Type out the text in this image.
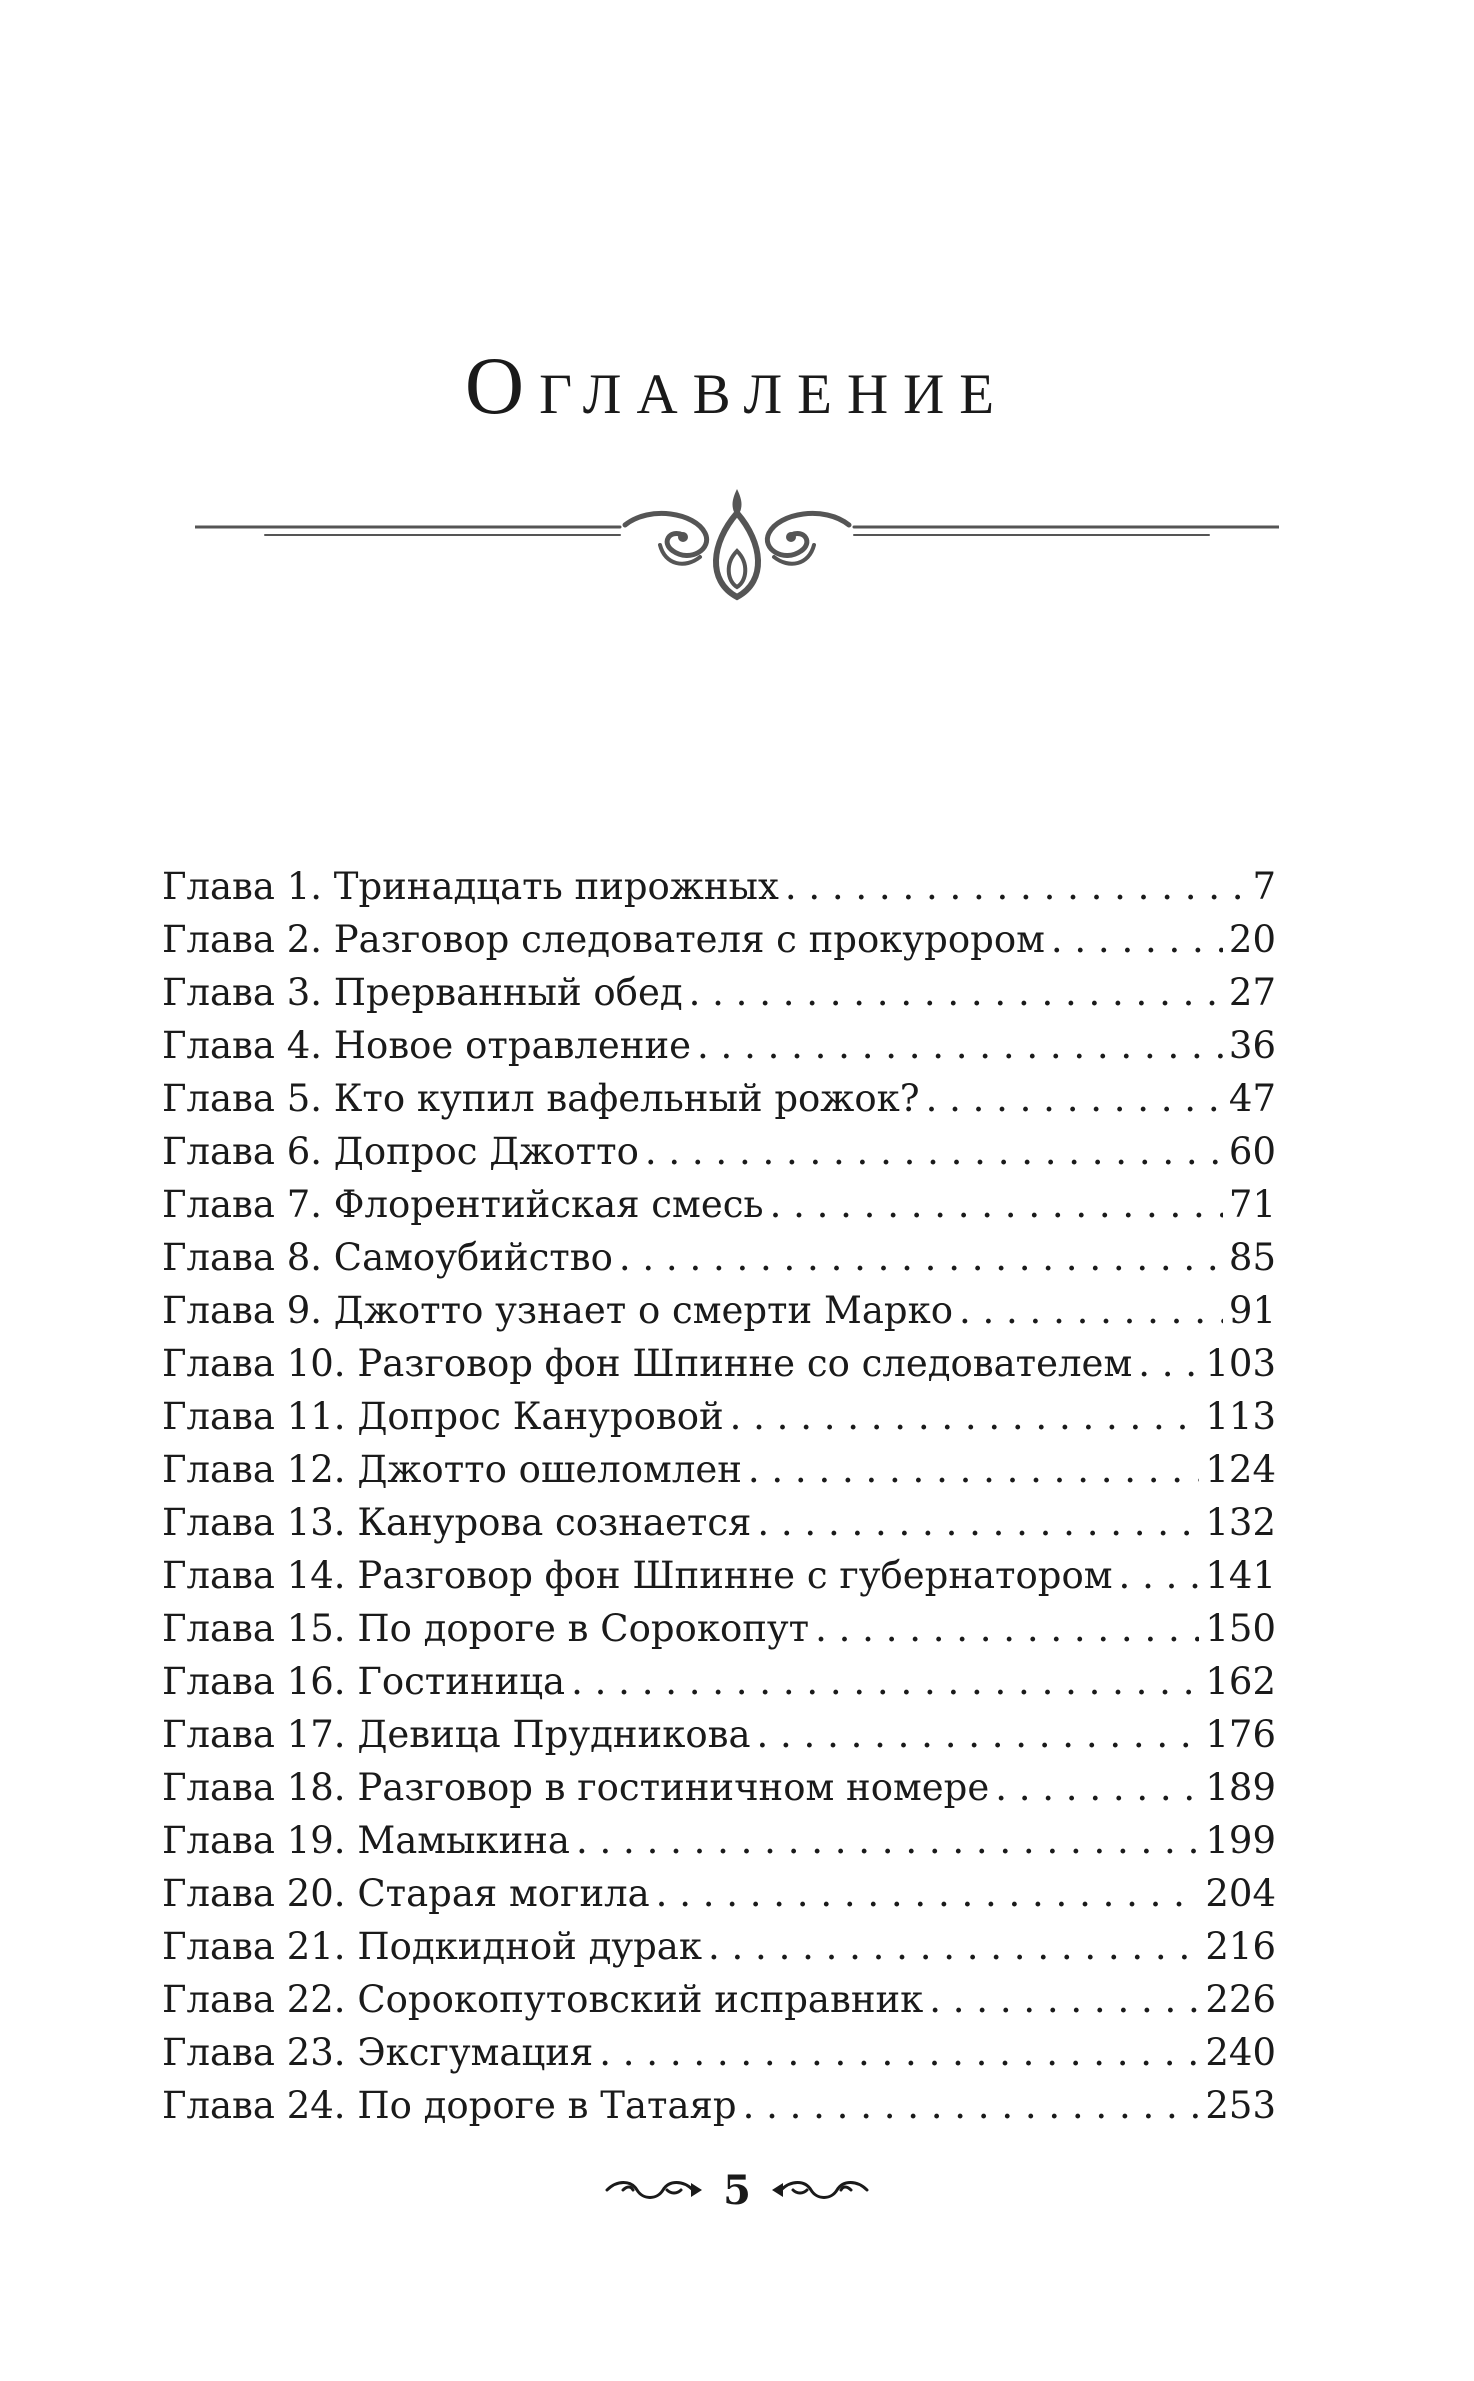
Оглавление
Глава 1. Тринадцать пирожных . . .	7
Глава 2. Разговор следователя с прокурором . . .	20
Глава 3. Прерванный обед . . .	27
Глава 4. Новое отравление . . .	36
Глава 5. Кто купил вафельный рожок? . . .	47
Глава 6. Допрос Джотто . . .	60
Глава 7. Флорентийская смесь . . .	71
Глава 8. Самоубийство . . .	85
Глава 9. Джотто узнает о смерти Марко . . .	91
Глава 10. Разговор фон Шпинне со следователем . . . 103
Глава 11. Допрос Кануровой . . .	113
Глава 12. Джотто ошеломлен . . .	124
Глава 13. Канурова сознается . . .	132
Глава 14. Разговор фон Шпинне с губернатором . . .	141
Глава 15. По дороге в Сорокопут . . .	150
Глава 16. Гостиница . . .	162
Глава 17. Девица Прудникова . . .	176
Глава 18. Разговор в гостиничном номере . . .	189
Глава 19. Мамыкина . . .	199
Глава 20. Старая могила . . .	204
Глава 21. Подкидной дурак . . .	216
Глава 22. Сорокопутовский исправник . . .	226
Глава 23. Эксгумация . . .	240
Глава 24. По дороге в Татаяр . . .	253
5
